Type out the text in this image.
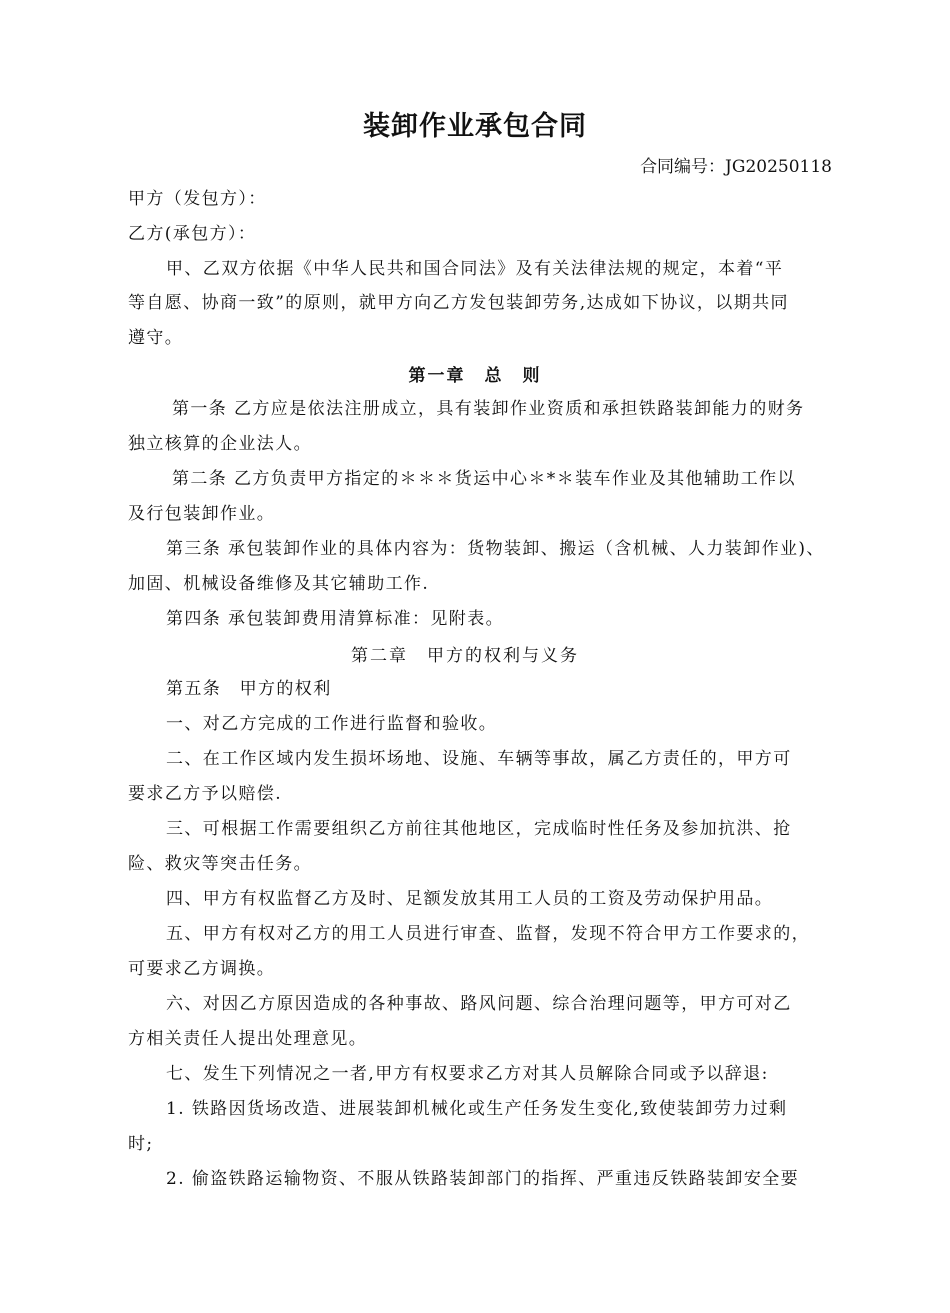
装卸作业承包合同
合同编号：JG20250118
甲方（发包方）：
乙方(承包方）：
甲、乙双方依据《中华人民共和国合同法》及有关法律法规的规定，本着“平
等自愿、协商一致”的原则，就甲方向乙方发包装卸劳务,达成如下协议，以期共同
遵守。
第一章　总　则
第一条 乙方应是依法注册成立，具有装卸作业资质和承担铁路装卸能力的财务
独立核算的企业法人。
第二条 乙方负责甲方指定的＊＊＊货运中心＊*＊装车作业及其他辅助工作以
及行包装卸作业。
第三条 承包装卸作业的具体内容为：货物装卸、搬运（含机械、人力装卸作业)、
加固、机械设备维修及其它辅助工作.
第四条 承包装卸费用清算标准：见附表。
第二章　甲方的权利与义务
第五条　甲方的权利
一、对乙方完成的工作进行监督和验收。
二、在工作区域内发生损坏场地、设施、车辆等事故，属乙方责任的，甲方可
要求乙方予以赔偿.
三、可根据工作需要组织乙方前往其他地区，完成临时性任务及参加抗洪、抢
险、救灾等突击任务。
四、甲方有权监督乙方及时、足额发放其用工人员的工资及劳动保护用品。
五、甲方有权对乙方的用工人员进行审查、监督，发现不符合甲方工作要求的，
可要求乙方调换。
六、对因乙方原因造成的各种事故、路风问题、综合治理问题等，甲方可对乙
方相关责任人提出处理意见。
七、发生下列情况之一者,甲方有权要求乙方对其人员解除合同或予以辞退:
1. 铁路因货场改造、进展装卸机械化或生产任务发生变化,致使装卸劳力过剩
时;
2. 偷盗铁路运输物资、不服从铁路装卸部门的指挥、严重违反铁路装卸安全要
